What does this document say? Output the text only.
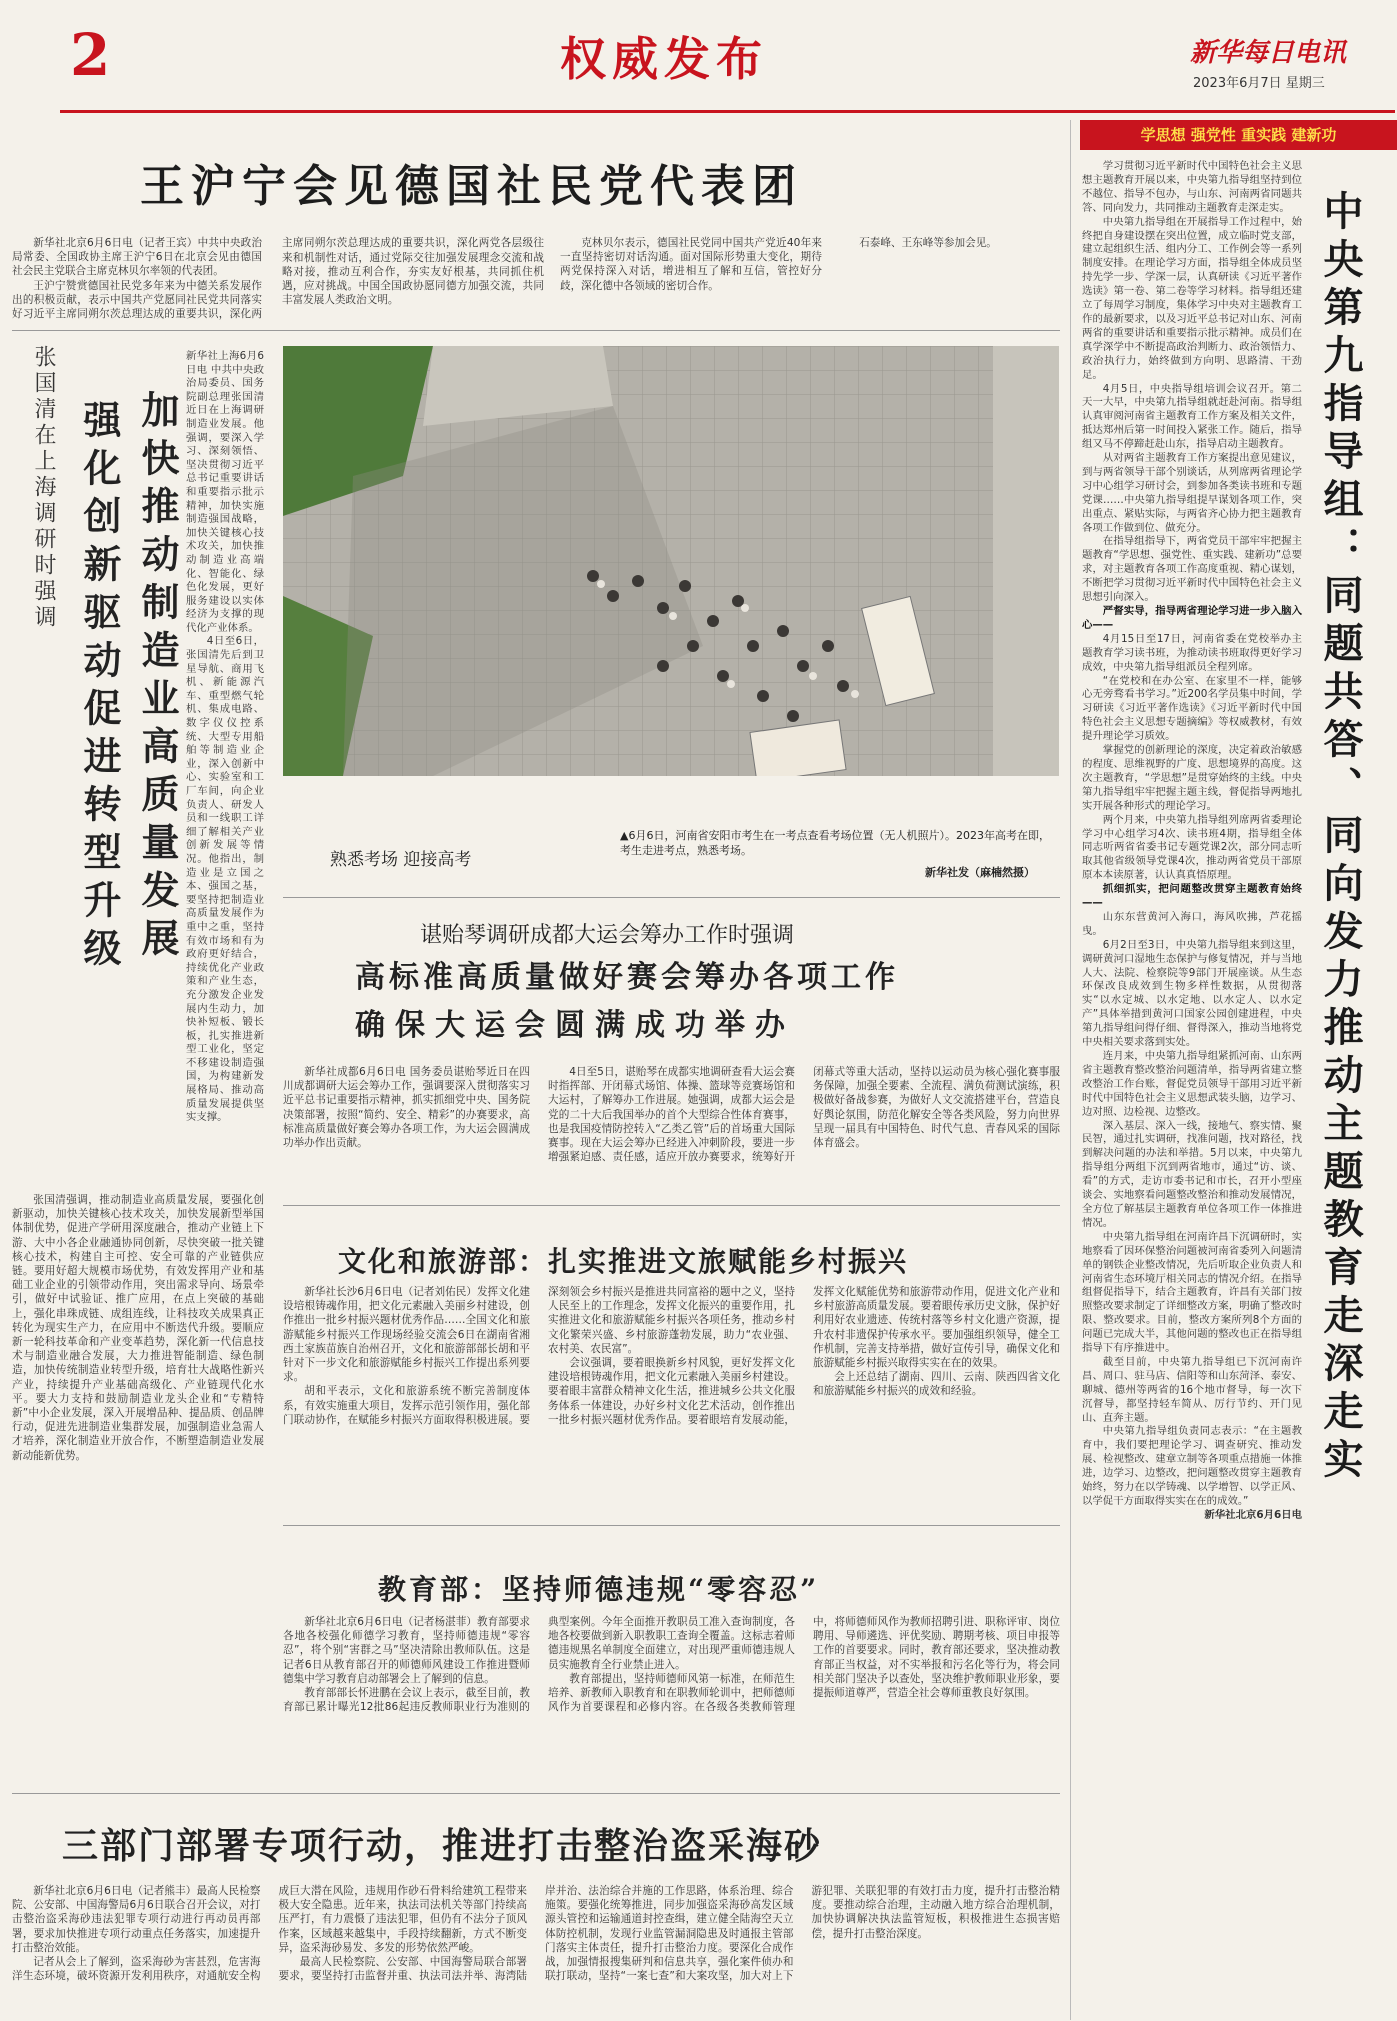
2	权威发布	新华每日电讯
2023年6月7日 星期三
学思想 强党性 重实践 建新功
王沪宁会见德国社民党代表团

新华社北京6月6日电（记者王宾）中共中央政治局常委、全国政协主席王沪宁6日在北京会见由德国社会民主党联合主席克林贝尔率领的代表团。

王沪宁赞赏德国社民党多年来为中德关系发展作出的积极贡献，表示中国共产党愿同社民党共同落实好习近平主席同朔尔茨总理达成的重要共识，深化两

主席同朔尔茨总理达成的重要共识，深化两党各层级往来和机制性对话，通过党际交往加强发展理念交流和战略对接，推动互利合作，夯实友好根基，共同抓住机遇，应对挑战。中国全国政协愿同德方加强交流，共同丰富发展人类政治文明。

克林贝尔表示，德国社民党同中国共产党近40年来一直坚持密切对话沟通。面对国际形势重大变化，期待两党保持深入对话，增进相互了解和互信，管控好分歧，深化德中各领域的密切合作。

石泰峰、王东峰等参加会见。

张国清在上海调研时强调 强化创新驱动促进转型升级 加快推动制造业高质量发展

新华社上海6月6日电 中共中央政治局委员、国务院副总理张国清近日在上海调研制造业发展。他强调，要深入学习、深刻领悟、坚决贯彻习近平总书记重要讲话和重要指示批示精神，加快实施制造强国战略，加快关键核心技术攻关，加快推动制造业高端化、智能化、绿色化发展，更好服务建设以实体经济为支撑的现代化产业体系。

4日至6日，张国清先后到卫星导航、商用飞机、新能源汽车、重型燃气轮机、集成电路、数字仪仪控系统、大型专用船舶等制造业企业，深入创新中心、实验室和工厂车间，向企业负责人、研发人员和一线职工详细了解相关产业创新发展等情况。他指出，制造业是立国之本、强国之基，要坚持把制造业高质量发展作为重中之重，坚持有效市场和有为政府更好结合，持续优化产业政策和产业生态，充分激发企业发展内生动力，加快补短板、锻长板，扎实推进新型工业化，坚定不移建设制造强国，为构建新发展格局、推动高质量发展提供坚实支撑。

张国清强调，推动制造业高质量发展，要强化创新驱动，加快关键核心技术攻关，加快发展新型举国体制优势，促进产学研用深度融合，推动产业链上下游、大中小各企业融通协同创新，尽快突破一批关键核心技术，构建自主可控、安全可靠的产业链供应链。要用好超大规模市场优势，有效发挥用产业和基础工业企业的引领带动作用，突出需求导向、场景牵引，做好中试验证、推广应用，在点上突破的基础上，强化串珠成链、成组连线，让科技攻关成果真正转化为现实生产力，在应用中不断迭代升级。要顺应新一轮科技革命和产业变革趋势，深化新一代信息技术与制造业融合发展，大力推进智能制造、绿色制造，加快传统制造业转型升级，培育壮大战略性新兴产业，持续提升产业基础高级化、产业链现代化水平。要大力支持和鼓励制造业龙头企业和“专精特新”中小企业发展，深入开展增品种、提品质、创品牌行动，促进先进制造业集群发展，加强制造业急需人才培养，深化制造业开放合作，不断塑造制造业发展新动能新优势。

熟悉考场 迎接高考
▲6月6日，河南省安阳市考生在一考点查看考场位置（无人机照片）。2023年高考在即，考生走进考点，熟悉考场。
新华社发（麻楠然摄）
谌贻琴调研成都大运会筹办工作时强调
高标准高质量做好赛会筹办各项工作
确保大运会圆满成功举办

新华社成都6月6日电 国务委员谌贻琴近日在四川成都调研大运会筹办工作，强调要深入贯彻落实习近平总书记重要指示精神，抓实抓细党中央、国务院决策部署，按照“简约、安全、精彩”的办赛要求，高标准高质量做好赛会筹办各项工作，为大运会圆满成功举办作出贡献。

4日至5日，谌贻琴在成都实地调研查看大运会赛时指挥部、开闭幕式场馆、体操、篮球等竞赛场馆和大运村，了解筹办工作进展。她强调，成都大运会是党的二十大后我国举办的首个大型综合性体育赛事，也是我国疫情防控转入“乙类乙管”后的首场重大国际赛事。现在大运会筹办已经进入冲刺阶段，要进一步增强紧迫感、责任感，适应开放办赛要求，统筹好开闭幕式等重大活动，坚持以运动员为核心强化赛事服务保障，加强全要素、全流程、满负荷测试演练，积极做好备战参赛，为做好人文交流搭建平台，营造良好舆论氛围，防范化解安全等各类风险，努力向世界呈现一届具有中国特色、时代气息、青春风采的国际体育盛会。

文化和旅游部：扎实推进文旅赋能乡村振兴

新华社长沙6月6日电（记者刘佑民）发挥文化建设培根铸魂作用，把文化元素融入美丽乡村建设，创作推出一批乡村振兴题材优秀作品……全国文化和旅游赋能乡村振兴工作现场经验交流会6日在湖南省湘西土家族苗族自治州召开，文化和旅游部部长胡和平针对下一步文化和旅游赋能乡村振兴工作提出系列要求。

胡和平表示，文化和旅游系统不断完善制度体系，有效实施重大项目，发挥示范引领作用，强化部门联动协作，在赋能乡村振兴方面取得积极进展。要深刻领会乡村振兴是推进共同富裕的题中之义，坚持人民至上的工作理念，发挥文化振兴的重要作用，扎实推进文化和旅游赋能乡村振兴各项任务，推动乡村文化繁荣兴盛、乡村旅游蓬勃发展，助力“农业强、农村美、农民富”。

会议强调，要着眼换新乡村风貌，更好发挥文化建设培根铸魂作用，把文化元素融入美丽乡村建设。要着眼丰富群众精神文化生活，推进城乡公共文化服务体系一体建设，办好乡村文化艺术活动，创作推出一批乡村振兴题材优秀作品。要着眼培育发展动能，发挥文化赋能优势和旅游带动作用，促进文化产业和乡村旅游高质量发展。要着眼传承历史文脉，保护好利用好农业遗迹、传统村落等乡村文化遗产资源，提升农村非遗保护传承水平。要加强组织领导，健全工作机制，完善支持举措，做好宣传引导，确保文化和旅游赋能乡村振兴取得实实在在的效果。

会上还总结了湖南、四川、云南、陕西四省文化和旅游赋能乡村振兴的成效和经验。

教育部：坚持师德违规“零容忍”

新华社北京6月6日电（记者杨湛菲）教育部要求各地各校强化师德学习教育，坚持师德违规“零容忍”，将个别“害群之马”坚决清除出教师队伍。这是记者6日从教育部召开的师德师风建设工作推进暨师德集中学习教育启动部署会上了解到的信息。

教育部部长怀进鹏在会议上表示，截至目前，教育部已累计曝光12批86起违反教师职业行为准则的典型案例。今年全面推开教职员工准入查询制度，各地各校要做到新入职教职工查询全覆盖。这标志着师德违规黑名单制度全面建立，对出现严重师德违规人员实施教育全行业禁止进入。

教育部提出，坚持师德师风第一标准，在师范生培养、新教师入职教育和在职教师轮训中，把师德师风作为首要课程和必修内容。在各级各类教师管理中，将师德师风作为教师招聘引进、职称评审、岗位聘用、导师遴选、评优奖励、聘期考核、项目申报等工作的首要要求。同时，教育部还要求，坚决推动教育部正当权益，对不实举报和污名化等行为，将会同相关部门坚决予以查处，坚决维护教师职业形象，要提振师道尊严，营造全社会尊师重教良好氛围。

三部门部署专项行动，推进打击整治盗采海砂

新华社北京6月6日电（记者熊丰）最高人民检察院、公安部、中国海警局6月6日联合召开会议，对打击整治盗采海砂违法犯罪专项行动进行再动员再部署，要求加快推进专项行动重点任务落实，加速提升打击整治效能。

记者从会上了解到，盗采海砂为害甚烈，危害海洋生态环境，破坏资源开发利用秩序，对通航安全构成巨大潜在风险，违规用作砂石骨料给建筑工程带来极大安全隐患。近年来，执法司法机关等部门持续高压严打，有力震慑了违法犯罪，但仍有不法分子顶风作案，区域越来越集中，手段持续翻新，方式不断变异，盗采海砂易发、多发的形势依然严峻。

最高人民检察院、公安部、中国海警局联合部署要求，要坚持打击监督并重、执法司法并举、海湾陆岸并治、法治综合并施的工作思路，体系治理、综合施策。要强化统筹推进，同步加强盗采海砂高发区域源头管控和运输通道封控查缉，建立健全陆海空天立体防控机制，发现行业监管漏洞隐患及时通报主管部门落实主体责任，提升打击整治力度。要深化合成作战，加强情报搜集研判和信息共享，强化案件侦办和联打联动，坚持“一案七查”和大案攻坚，加大对上下游犯罪、关联犯罪的有效打击力度，提升打击整治精度。要推动综合治理，主动融入地方综合治理机制，加快协调解决执法监管短板，积极推进生态损害赔偿，提升打击整治深度。

学习贯彻习近平新时代中国特色社会主义思想主题教育开展以来，中央第九指导组坚持到位不越位、指导不包办，与山东、河南两省同题共答、同向发力，共同推动主题教育走深走实。

中央第九指导组在开展指导工作过程中，始终把自身建设摆在突出位置，成立临时党支部，建立起组织生活、组内分工、工作例会等一系列制度安排。在理论学习方面，指导组全体成员坚持先学一步、学深一层，认真研读《习近平著作选读》第一卷、第二卷等学习材料。指导组还建立了每周学习制度，集体学习中央对主题教育工作的最新要求，以及习近平总书记对山东、河南两省的重要讲话和重要指示批示精神。成员们在真学深学中不断提高政治判断力、政治领悟力、政治执行力，始终做到方向明、思路清、干劲足。

4月5日，中央指导组培训会议召开。第二天一大早，中央第九指导组就赶赴河南。指导组认真审阅河南省主题教育工作方案及相关文件，抵达郑州后第一时间投入紧张工作。随后，指导组又马不停蹄赶赴山东，指导启动主题教育。

从对两省主题教育工作方案提出意见建议，到与两省领导干部个别谈话，从列席两省理论学习中心组学习研讨会，到参加各类读书班和专题党课……中央第九指导组提早谋划各项工作，突出重点、紧贴实际，与两省齐心协力把主题教育各项工作做到位、做充分。

在指导组指导下，两省党员干部牢牢把握主题教育“学思想、强党性、重实践、建新功”总要求，对主题教育各项工作高度重视、精心谋划，不断把学习贯彻习近平新时代中国特色社会主义思想引向深入。

严督实导，指导两省理论学习进一步入脑入心——

4月15日至17日，河南省委在党校举办主题教育学习读书班，为推动读书班取得更好学习成效，中央第九指导组派员全程列席。

“在党校和在办公室、在家里不一样，能够心无旁骛看书学习。”近200名学员集中时间，学习研读《习近平著作选读》《习近平新时代中国特色社会主义思想专题摘编》等权威教材，有效提升理论学习质效。

掌握党的创新理论的深度，决定着政治敏感的程度、思维视野的广度、思想境界的高度。这次主题教育，“学思想”是贯穿始终的主线。中央第九指导组牢牢把握主题主线，督促指导两地扎实开展各种形式的理论学习。

两个月来，中央第九指导组列席两省委理论学习中心组学习4次、读书班4期，指导组全体同志听两省省委书记专题党课2次，部分同志听取其他省级领导党课4次，推动两省党员干部原原本本读原著，认认真真悟原理。

抓细抓实，把问题整改贯穿主题教育始终——

山东东营黄河入海口，海风吹拂，芦花摇曳。

6月2日至3日，中央第九指导组来到这里，调研黄河口湿地生态保护与修复情况，并与当地人大、法院、检察院等9部门开展座谈。从生态环保改良成效到生物多样性数据，从贯彻落实“以水定城、以水定地、以水定人、以水定产”具体举措到黄河口国家公园创建进程，中央第九指导组问得仔细、督得深入，推动当地将党中央相关要求落到实处。

连月来，中央第九指导组紧抓河南、山东两省主题教育整改整治问题清单，指导两省建立整改整治工作台账，督促党员领导干部用习近平新时代中国特色社会主义思想武装头脑，边学习、边对照、边检视、边整改。

深入基层、深入一线，接地气、察实情、聚民智，通过扎实调研，找准问题，找对路径，找到解决问题的办法和举措。5月以来，中央第九指导组分两组下沉到两省地市，通过“访、谈、看”的方式，走访市委书记和市长，召开小型座谈会、实地察看问题整改整治和推动发展情况，全方位了解基层主题教育单位各项工作一体推进情况。

中央第九指导组在河南许昌下沉调研时，实地察看了因环保整治问题被河南省委列入问题清单的钢铁企业整改情况，先后听取企业负责人和河南省生态环境厅相关同志的情况介绍。在指导组督促指导下，结合主题教育，许昌有关部门按照整改要求制定了详细整改方案，明确了整改时限、整改要求。目前，整改方案所列8个方面的问题已完成大半，其他问题的整改也正在指导组指导下有序推进中。

截至目前，中央第九指导组已下沉河南许昌、周口、驻马店、信阳等和山东菏泽、泰安、聊城、德州等两省的16个地市督导，每一次下沉督导，都坚持轻车简从、厉行节约、开门见山、直奔主题。

中央第九指导组负责同志表示：“在主题教育中，我们要把理论学习、调查研究、推动发展、检视整改、建章立制等各项重点措施一体推进，边学习、边整改，把问题整改贯穿主题教育始终，努力在以学铸魂、以学增智、以学正风、以学促干方面取得实实在在的成效。”

新华社北京6月6日电

中央第九指导组：同题共答、同向发力推动主题教育走深走实
